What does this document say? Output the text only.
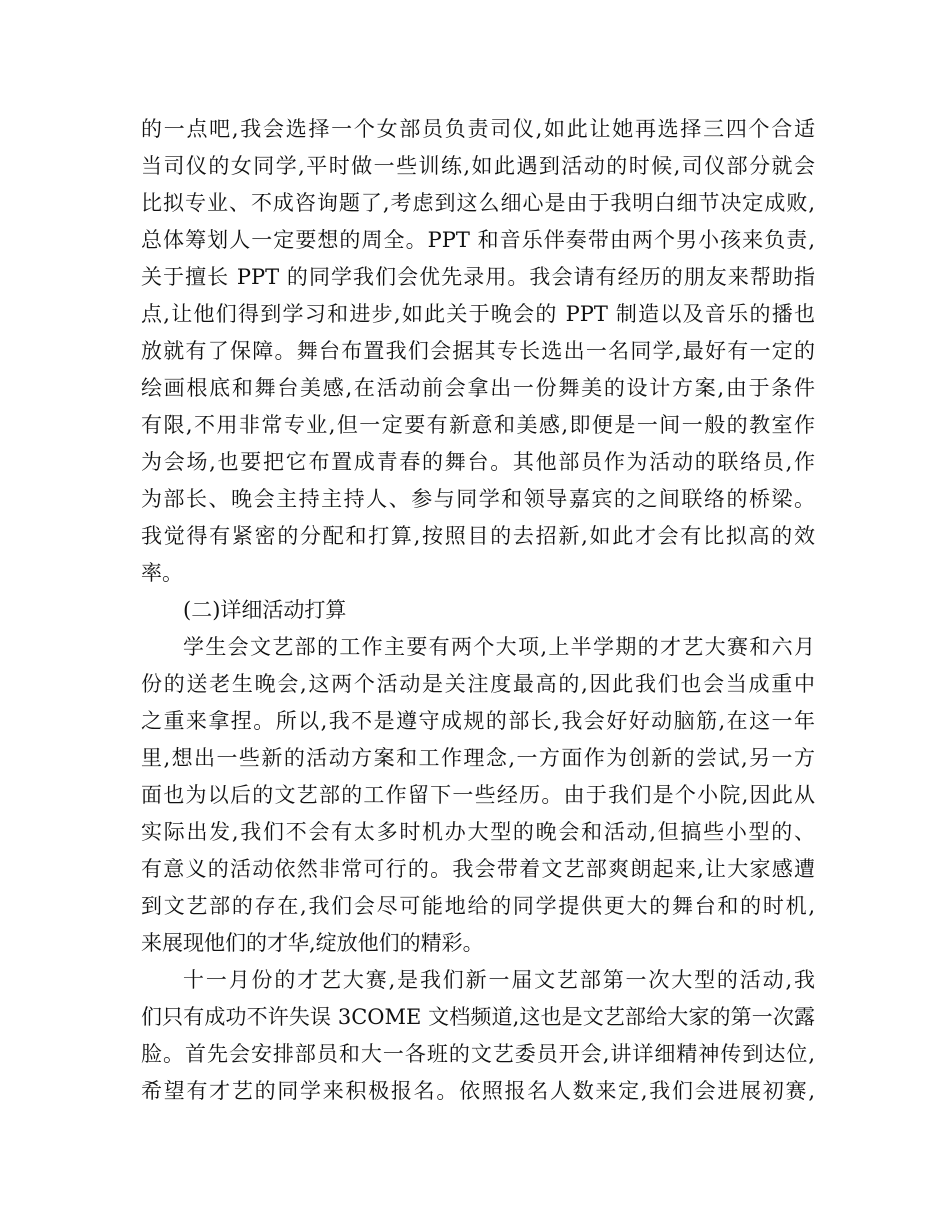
的一点吧,我会选择一个女部员负责司仪,如此让她再选择三四个合适
当司仪的女同学,平时做一些训练,如此遇到活动的时候,司仪部分就会
比拟专业、不成咨询题了,考虑到这么细心是由于我明白细节决定成败,
总体筹划人一定要想的周全。PPT 和音乐伴奏带由两个男小孩来负责,
关于擅长 PPT 的同学我们会优先录用。我会请有经历的朋友来帮助指
点,让他们得到学习和进步,如此关于晚会的 PPT 制造以及音乐的播也
放就有了保障。舞台布置我们会据其专长选出一名同学,最好有一定的
绘画根底和舞台美感,在活动前会拿出一份舞美的设计方案,由于条件
有限,不用非常专业,但一定要有新意和美感,即便是一间一般的教室作
为会场,也要把它布置成青春的舞台。其他部员作为活动的联络员,作
为部长、晚会主持主持人、参与同学和领导嘉宾的之间联络的桥梁。
我觉得有紧密的分配和打算,按照目的去招新,如此才会有比拟高的效
率。
(二)详细活动打算
学生会文艺部的工作主要有两个大项,上半学期的才艺大赛和六月
份的送老生晚会,这两个活动是关注度最高的,因此我们也会当成重中
之重来拿捏。所以,我不是遵守成规的部长,我会好好动脑筋,在这一年
里,想出一些新的活动方案和工作理念,一方面作为创新的尝试,另一方
面也为以后的文艺部的工作留下一些经历。由于我们是个小院,因此从
实际出发,我们不会有太多时机办大型的晚会和活动,但搞些小型的、
有意义的活动依然非常可行的。我会带着文艺部爽朗起来,让大家感遭
到文艺部的存在,我们会尽可能地给的同学提供更大的舞台和的时机,
来展现他们的才华,绽放他们的精彩。
十一月份的才艺大赛,是我们新一届文艺部第一次大型的活动,我
们只有成功不许失误 3COME 文档频道,这也是文艺部给大家的第一次露
脸。首先会安排部员和大一各班的文艺委员开会,讲详细精神传到达位,
希望有才艺的同学来积极报名。依照报名人数来定,我们会进展初赛,
